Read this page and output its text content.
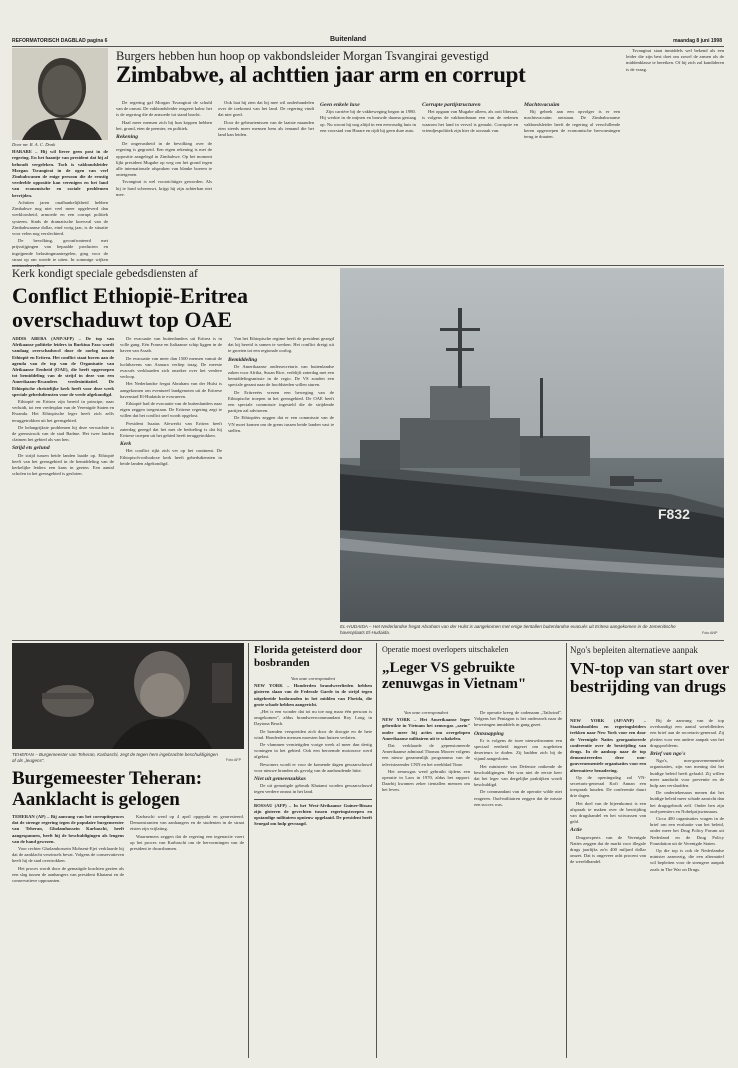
REFORMATORISCH DAGBLAD pagina 6	Buitenland	maandag 8 juni 1998
Burgers hebben hun hoop op vakbondsleider Morgan Tsvangirai gevestigd
Zimbabwe, al achttien jaar arm en corrupt

Door mr. R. A. C. Donk

HARARE – Hij wil liever geen post in de regering. En het haantje van president dat hij al behoudt vergeleken. Toch is vakbondsleider Morgan Tsvangirai in de ogen van veel Zimbabwanen de enige persoon die de ernstig verdeelde oppositie kan verenigen en het land van economische en sociale problemen bevrijden.

Achttien jaren onafhankelijkheid hebben Zimbabwe nog niet veel meer opgeleverd dan werkloosheid, armoede en een corrupt politiek systeem. Sinds de dramatische koersval van de Zimbabwaanse dollar, eind vorig jaar, is de situatie voor velen nog verslechterd.

De bevolking, geconfronteerd met prijsstijgingen van bepaalde producten en ingrijpende belastingmaatregelen, ging voor de straat op om woede te uiten. In sommige wijken

De regering gaf Morgan Tsvangirai de schuld van de onrust. De vakbondsleider reageert kalm: het is de regering die de armoede tot stand bracht.

Haal meer mensen zich bij hun koppen hebben het, grond, eten de premier, en politiek.

Rekening

De ongerustheid in de bevolking over de regering is gegroeid. Een eigen rekening is met de oppositie aangelegd in Zimbabwe. Op het moment lijkt president Mugabe op weg om het grond tegen alle internationale afspraken van blanke boeren te onteigenen.

Tsvangirai is wel voorzichtiger geworden. Als hij te hard schreeuwt, krijgt hij zijn achterban niet mee.

Ook laat hij zien dat hij mee wil onderhandelen over de toekomst van het land. De regering vindt dat niet goed.

Door de gebeurtenissen van de laatste maanden zien steeds meer mensen hem als iemand die het land kan leiden.

Geen enkele luxe

Zijn carrière bij de vakbeweging begon in 1980. Hij werkte in de mijnen en bouwde daarna gestaag op. Nu woont hij nog altijd in een eenvoudig huis in een voorstad van Harare en rijdt hij geen dure auto.

Corrupte partijstructuren

Het opgaan van Mugabe alleen, als ooit liberaal, is volgens de vakbondsman een van de redenen waarom het land in verval is geraakt. Corruptie en vriendjespolitiek zijn hier de oorzaak van.

Machtsvacuüm

Bij gebrek aan een opvolger is er een machtsvacuüm ontstaan. De Zimbabwaanse vakbondsleider heeft de regering al verschillende keren opgeroepen de economische hervormingen terug te draaien.

Tsvangirai staat inmiddels wel bekend als een leider die zijn best doet om zowel de armen als de middenklasse te bereiken. Of hij zich zal kandideren is de vraag.

Kerk kondigt speciale gebedsdiensten af
Conflict Ethiopië-Eritrea overschaduwt top OAE

ADDIS ABEBA (ANP/AFP) – De top van Afrikaanse politieke leiders in Burkina Faso wordt vandaag overschaduwd door de oorlog tussen Ethiopië en Eritrea. Het conflict staat boven aan de agenda van de top van de Organisatie van Afrikaanse Eenheid (OAE), die heeft opgeroepen tot bemiddeling van de strijd in deze van een Amerikaans-Rwandees vredesinitiatief. De Ethiopische christelijke kerk heeft voor deze week speciale gebedsdiensten voor de vrede afgekondigd.

Ethiopië en Eritrea zijn bereid in principe, naar verluidt, tot een vredesplan van de Verenigde Staten en Rwanda. Het Ethiopische leger heeft zich zelfs teruggetrokken uit het grensgebied.

De belangrijkste problemen hij deze verwachtte is de grensstrook van de stad Badme. Het twee landen claimen het gebied als van hen.

Strijd ets gelund

De strijd tussen beide landen laaide op. Ethiopië heeft van het grensgebied in de bemiddeling van de kerkelijke leiders een kans in gezien. Een aantal scholen in het grensgebied is gesloten.

De evacuatie van buitenlanders uit Eritrea is in volle gang. Eén Franse en Italiaanse schip liggen in de haven van Assab.

De evacuatie van meer dan 1500 mensen vanuit de luchthavens van Asmara verliep traag. De meeste evacués verklaarden zich onzeker over het verdere verloop.

Het Nederlandse fregat Abraham van der Hulst is aangekomen om eventueel landgenoten uit de Eritrese havenstad El-Hudaida te evacueren.

Ethiopië had de evacuatie van de buitenlanders naar eigen zeggen toegestaan. De Eritrese regering zegt te willen dat het conflict snel wordt opgelost.

President Issaias Afewerki van Eritrea heeft zaterdag gezegd dat het met de bedoeling is dat hij Eritrese troepen uit het gebied heeft teruggetrokken.

Kerk

Het conflict rijkt zich ver op het continent. De Ethiopisch-orthodoxe kerk heeft gebedsdiensten in beide landen afgekondigd.

Van het Ethiopische regime heeft de president gezegd dat hij bereid is samen te werken. Het conflict dreigt uit te groeien tot een regionale oorlog.

Bemiddeling

De Amerikaanse ondersecretaris van buitenlandse zaken voor Afrika, Susan Rice, verblijft zaterdag met een bemiddelingsmissie in de regio. De VS zouden een speciale gezant naar de hoofdsteden willen sturen.

De Eritreeërs vrezen een beweging van de Ethiopische troepen in het grensgebied. De OAE heeft een speciale commissie ingesteld die de strijdende partijen zal adviseren.

De Ethiopiërs zeggen dat er een commissie van de VN moet komen om de grens tussen beide landen vast te stellen.

F832
EL-HUDAIDA – Het Nederlandse fregat Abraham van der Hulst is aangekomen met enige tientallen buitenlandse evacués uit Eritrea aangekomen in de Jemenitische havenplaats El-Hudaida.	Foto ANP
TEHERAN – Burgemeester van Teheran, Karbaschi, zegt de tegen hem ingebrachte beschuldigingen af als „leugens".	Foto AFP
Burgemeester Teheran: Aanklacht is gelogen

TEHERAN (AP) – Bij aanvang van het corruptieproces dat de strenge regering tegen de populaire burgemeester van Teheran, Gholamhossein Karbaschi, heeft aangespannen, heeft hij de beschuldigingen als leugens van de hand gewezen.

Voor rechter Gholamhossein Mohseni-Ejei verklaarde hij dat de aanklacht verzinsels bevat. Volgens de conservatieven heeft hij de stad overtrokken.

Het proces wordt door de gematigde krachten gezien als een slag tussen de aanhangers van president Khatami en de conservatieve opposanten.

Karbaschi werd op 4 april opgepakt en gearresteerd. Demonstranten van aanhangers en de studenten in de straat eisten zijn vrijlating.

Waarnemers zeggen dat de regering een tegenactie voert op het proces van Karbaschi om de hervormingen van de president te dwarsbomen.

Florida geteisterd door bosbranden

Van onze correspondent

NEW YORK – Honderden brandweerlieden hebben gisteren slaan van de Federale Garde in de strijd tegen uitgebreide bosbranden in het midden van Florida, die grote schade hebben aangericht.

„Het is een wonder dat tot nu toe nog maar één persoon is omgekomen", aldus brandweercommandant Roy Long in Daytona Beach.

De branden verspreiden zich door de droogte en de hete wind. Honderden mensen moesten hun huizen verlaten.

De vlammen vernietigden vorige week al meer dan dertig woningen in het gebied. Ook een beroemde motorrace werd afgelast.

Bewoners wordt er voor de komende dagen gewaarschuwd voor nieuwe branden als gevolg van de aanhoudende hitte.

Niet uit gemeenzakkas

De uit gematigde gebruik Khatami worden gewaarschuwd tegen verdere onrust in het land.

BOSSAU (AFP) – In het West-Afrikaanse Guinee-Bissau zijn gisteren de gevechten tussen regeringstroepen en opstandige militairen opnieuw opgelaaid. De president heeft Senegal om hulp gevraagd.

Operatie moest overlopers uitschakelen
„Leger VS gebruikte zenuwgas in Vietnam"

Van onze correspondent

NEW YORK – Het Amerikaanse leger gebruikte in Vietnam het zenuwgas „sarin" onder meer bij acties om overgelopen Amerikaanse militairen uit te schakelen.

Dat verklaarde de gepensioneerde Amerikaanse admiraal Thomas Moorer volgens een nieuw gezamenlijk programma van de televisiezender CNN en het weekblad Time.

Het zenuwgas werd gebruikt tijdens een operatie in Laos in 1970, aldus het rapport. Daarbij kwamen zeker tientallen mensen om het leven.

De operatie kreeg de codenaam „Tailwind". Volgens het Pentagon is het onderzoek naar de beweringen inmiddels in gang gezet.

Ontsnapping

Er is volgens de twee nieuwsbronnen een speciaal eenheid ingezet om zogeheten deserteurs te doden. Zij hadden zich bij de vijand aangesloten.

Het ministerie van Defensie ontkende de beschuldigingen. Het was niet de eerste keer dat het leger van dergelijke praktijken wordt beschuldigd.

De commandant van de operatie wilde niet reageren. Oud-militairen zeggen dat de missie een succes was.

Ngo's bepleiten alternatieve aanpak
VN-top van start over bestrijding van drugs

NEW YORK (AP/ANP) – Staatshoofden en regeringsleiders trekken naar New York voor een door de Verenigde Naties georganiseerde conferentie over de bestrijding van drugs. In de aanloop naar de top demonstreerden deze non-gouvernementele organisaties voor een alternatieve benadering.

Op de openingsdag zal VN-secretaris-generaal Kofi Annan een toespraak houden. De conferentie duurt drie dagen.

Het doel van de bijeenkomst is een afspraak te maken over de bestrijding van drugshandel en het witwassen van geld.

Actie

Drugsexperts van de Verenigde Naties zeggen dat de markt voor illegale drugs jaarlijks zo'n 400 miljard dollar omzet. Dat is ongeveer acht procent van de wereldhandel.

Bij de aanvang van de top overhandigt een aantal wereldleiders een brief aan de secretaris-generaal. Zij pleiten voor een andere aanpak van het drugsprobleem.

Brief van ngo's

Ngo's, non-gouvernementele organisaties, zijn van mening dat het huidige beleid heeft gefaald. Zij willen meer aandacht voor preventie en de hulp aan verslaafden.

De ondertekenaars menen dat het huidige beleid meer schade aanricht dan het drugsgebruik zelf. Onder hen zijn oud-premiers en Nobelprijswinnaars.

Circa 400 organisaties vragen in de brief om een evaluatie van het beleid, onder meer het Drug Policy Forum uit Nederland en de Drug Policy Foundation uit de Verenigde Staten.

Op die top is ook de Nederlandse minister aanwezig, die een alternatief wil bepleiten voor de strengere aanpak zoals in The War on Drugs.
